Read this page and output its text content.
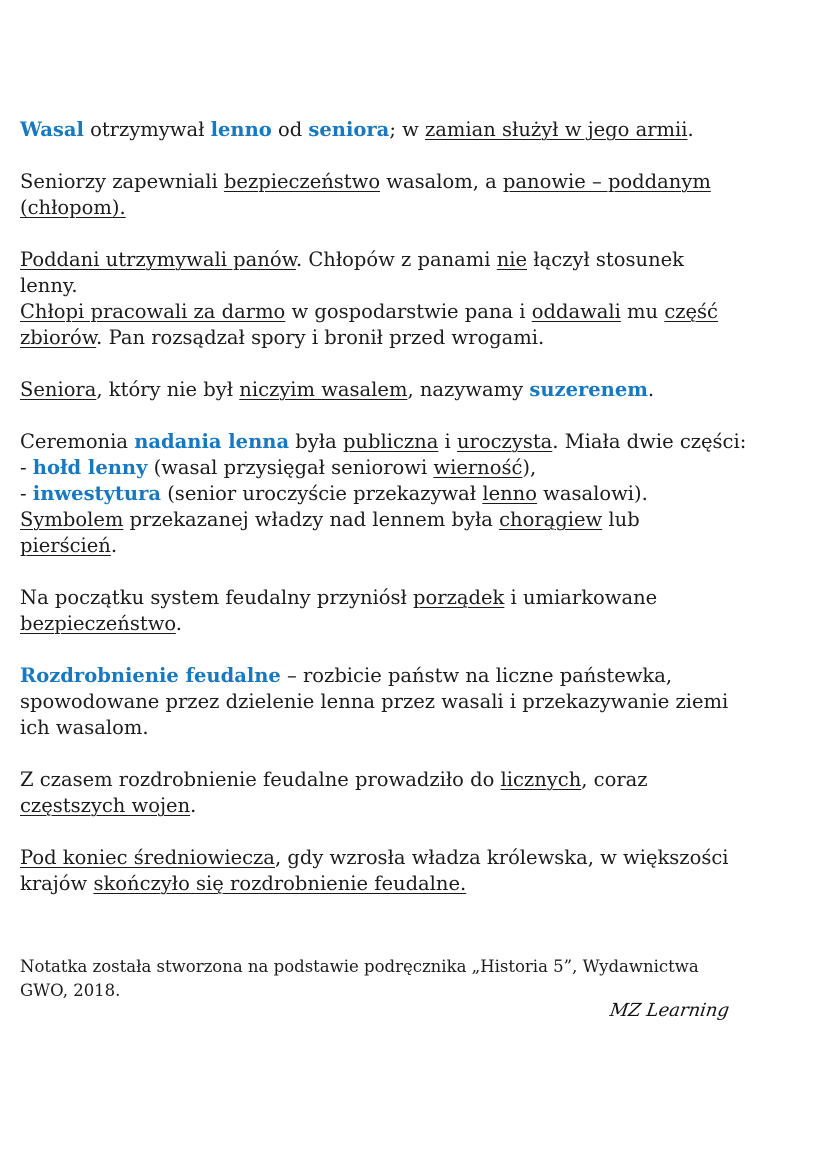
Wasal otrzymywał lenno od seniora; w zamian służył w jego armii.
Seniorzy zapewniali bezpieczeństwo wasalom, a panowie – poddanym
(chłopom).
Poddani utrzymywali panów. Chłopów z panami nie łączył stosunek
lenny.
Chłopi pracowali za darmo w gospodarstwie pana i oddawali mu część
zbiorów. Pan rozsądzał spory i bronił przed wrogami.
Seniora, który nie był niczyim wasalem, nazywamy suzerenem.
Ceremonia nadania lenna była publiczna i uroczysta. Miała dwie części:
- hołd lenny (wasal przysięgał seniorowi wierność),
- inwestytura (senior uroczyście przekazywał lenno wasalowi).
Symbolem przekazanej władzy nad lennem była chorągiew lub
pierścień.
Na początku system feudalny przyniósł porządek i umiarkowane
bezpieczeństwo.
Rozdrobnienie feudalne – rozbicie państw na liczne państewka,
spowodowane przez dzielenie lenna przez wasali i przekazywanie ziemi
ich wasalom.
Z czasem rozdrobnienie feudalne prowadziło do licznych, coraz
częstszych wojen.
Pod koniec średniowiecza, gdy wzrosła władza królewska, w większości
krajów skończyło się rozdrobnienie feudalne.
Notatka została stworzona na podstawie podręcznika „Historia 5”, Wydawnictwa
GWO, 2018.
MZ Learning
